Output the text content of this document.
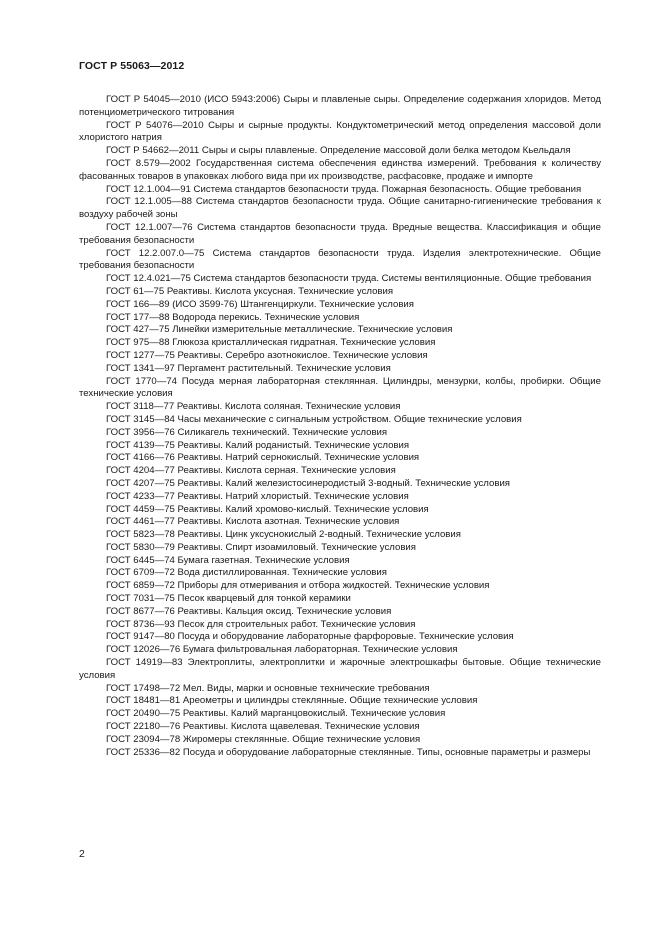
ГОСТ Р 55063—2012

ГОСТ Р 54045—2010 (ИСО 5943:2006) Сыры и плавленые сыры. Определение содержания хлоридов. Метод потенциометрического титрования

ГОСТ Р 54076—2010 Сыры и сырные продукты. Кондуктометрический метод определения массовой доли хлористого натрия

ГОСТ Р 54662—2011 Сыры и сыры плавленые. Определение массовой доли белка методом Кьельдаля

ГОСТ 8.579—2002 Государственная система обеспечения единства измерений. Требования к количеству фасованных товаров в упаковках любого вида при их производстве, расфасовке, продаже и импорте

ГОСТ 12.1.004—91 Система стандартов безопасности труда. Пожарная безопасность. Общие требования

ГОСТ 12.1.005—88 Система стандартов безопасности труда. Общие санитарно-гигиенические требования к воздуху рабочей зоны

ГОСТ 12.1.007—76 Система стандартов безопасности труда. Вредные вещества. Классификация и общие требования безопасности

ГОСТ 12.2.007.0—75 Система стандартов безопасности труда. Изделия электротехнические. Общие требования безопасности

ГОСТ 12.4.021—75 Система стандартов безопасности труда. Системы вентиляционные. Общие требования

ГОСТ 61—75 Реактивы. Кислота уксусная. Технические условия

ГОСТ 166—89 (ИСО 3599-76) Штангенциркули. Технические условия

ГОСТ 177—88 Водорода перекись. Технические условия

ГОСТ 427—75 Линейки измерительные металлические. Технические условия

ГОСТ 975—88 Глюкоза кристаллическая гидратная. Технические условия

ГОСТ 1277—75 Реактивы. Серебро азотнокислое. Технические условия

ГОСТ 1341—97 Пергамент растительный. Технические условия

ГОСТ 1770—74 Посуда мерная лабораторная стеклянная. Цилиндры, мензурки, колбы, пробирки. Общие технические условия

ГОСТ 3118—77 Реактивы. Кислота соляная. Технические условия

ГОСТ 3145—84 Часы механические с сигнальным устройством. Общие технические условия

ГОСТ 3956—76 Силикагель технический. Технические условия

ГОСТ 4139—75 Реактивы. Калий роданистый. Технические условия

ГОСТ 4166—76 Реактивы. Натрий сернокислый. Технические условия

ГОСТ 4204—77 Реактивы. Кислота серная. Технические условия

ГОСТ 4207—75 Реактивы. Калий железистосинеродистый 3-водный. Технические условия

ГОСТ 4233—77 Реактивы. Натрий хлористый. Технические условия

ГОСТ 4459—75 Реактивы. Калий хромово-кислый. Технические условия

ГОСТ 4461—77 Реактивы. Кислота азотная. Технические условия

ГОСТ 5823—78 Реактивы. Цинк уксуснокислый 2-водный. Технические условия

ГОСТ 5830—79 Реактивы. Спирт изоамиловый. Технические условия

ГОСТ 6445—74 Бумага газетная. Технические условия

ГОСТ 6709—72 Вода дистиллированная. Технические условия

ГОСТ 6859—72 Приборы для отмеривания и отбора жидкостей. Технические условия

ГОСТ 7031—75 Песок кварцевый для тонкой керамики

ГОСТ 8677—76 Реактивы. Кальция оксид. Технические условия

ГОСТ 8736—93 Песок для строительных работ. Технические условия

ГОСТ 9147—80 Посуда и оборудование лабораторные фарфоровые. Технические условия

ГОСТ 12026—76 Бумага фильтровальная лабораторная. Технические условия

ГОСТ 14919—83 Электроплиты, электроплитки и жарочные электрошкафы бытовые. Общие технические условия

ГОСТ 17498—72 Мел. Виды, марки и основные технические требования

ГОСТ 18481—81 Ареометры и цилиндры стеклянные. Общие технические условия

ГОСТ 20490—75 Реактивы. Калий марганцовокислый. Технические условия

ГОСТ 22180—76 Реактивы. Кислота щавелевая. Технические условия

ГОСТ 23094—78 Жиромеры стеклянные. Общие технические условия

ГОСТ 25336—82 Посуда и оборудование лабораторные стеклянные. Типы, основные параметры и размеры

2
